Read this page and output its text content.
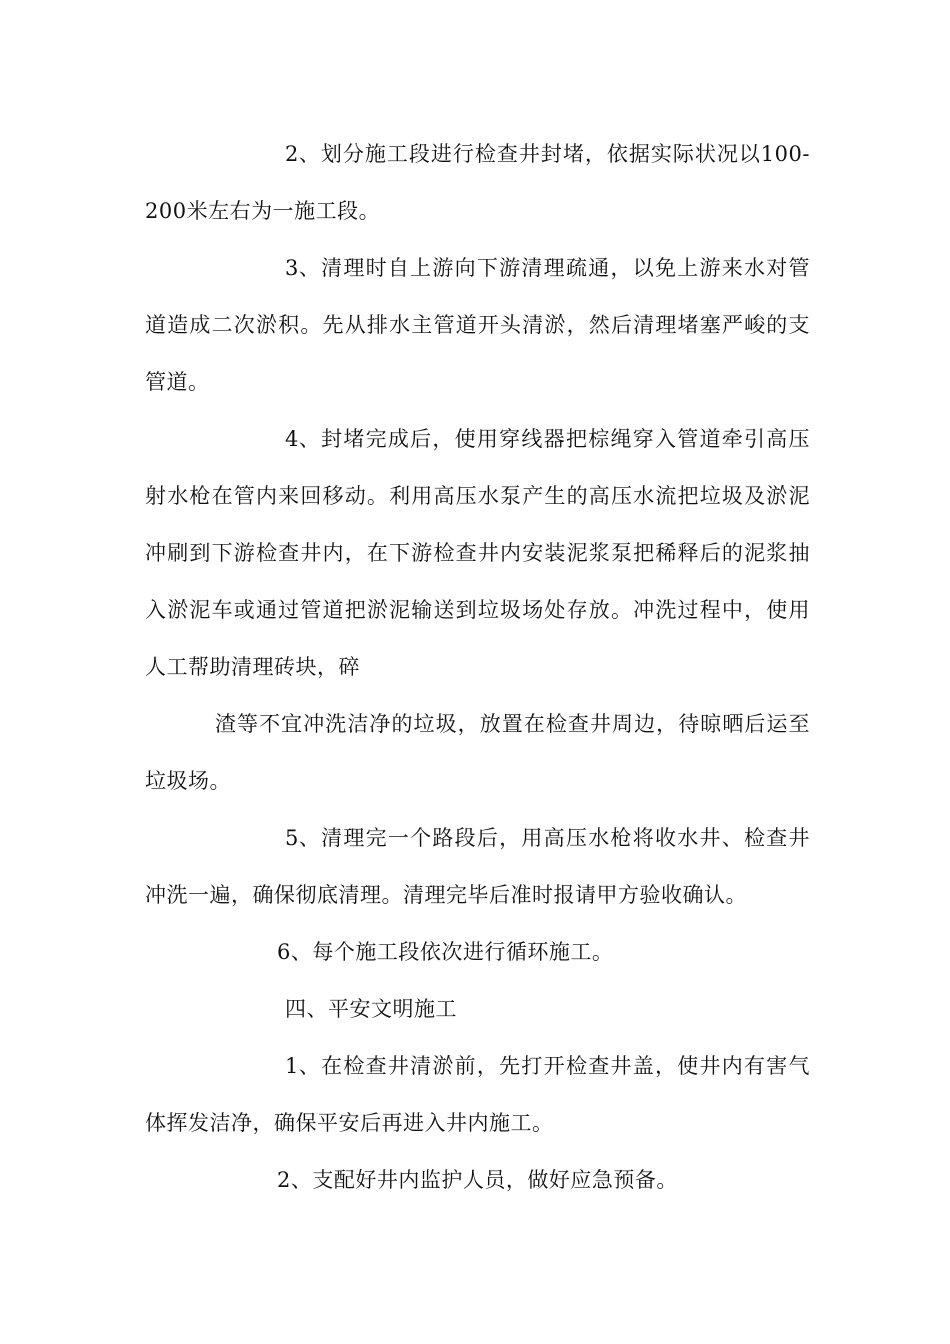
2、划分施工段进行检查井封堵，依据实际状况以100-200米左右为一施工段。

3、清理时自上游向下游清理疏通，以免上游来水对管道造成二次淤积。先从排水主管道开头清淤，然后清理堵塞严峻的支管道。

4、封堵完成后，使用穿线器把棕绳穿入管道牵引高压射水枪在管内来回移动。利用高压水泵产生的高压水流把垃圾及淤泥冲刷到下游检查井内，在下游检查井内安装泥浆泵把稀释后的泥浆抽入淤泥车或通过管道把淤泥输送到垃圾场处存放。冲洗过程中，使用人工帮助清理砖块，碎

渣等不宜冲洗洁净的垃圾，放置在检查井周边，待晾晒后运至垃圾场。

5、清理完一个路段后，用高压水枪将收水井、检查井冲洗一遍，确保彻底清理。清理完毕后准时报请甲方验收确认。

6、每个施工段依次进行循环施工。

四、平安文明施工

1、在检查井清淤前，先打开检查井盖，使井内有害气体挥发洁净，确保平安后再进入井内施工。

2、支配好井内监护人员，做好应急预备。
